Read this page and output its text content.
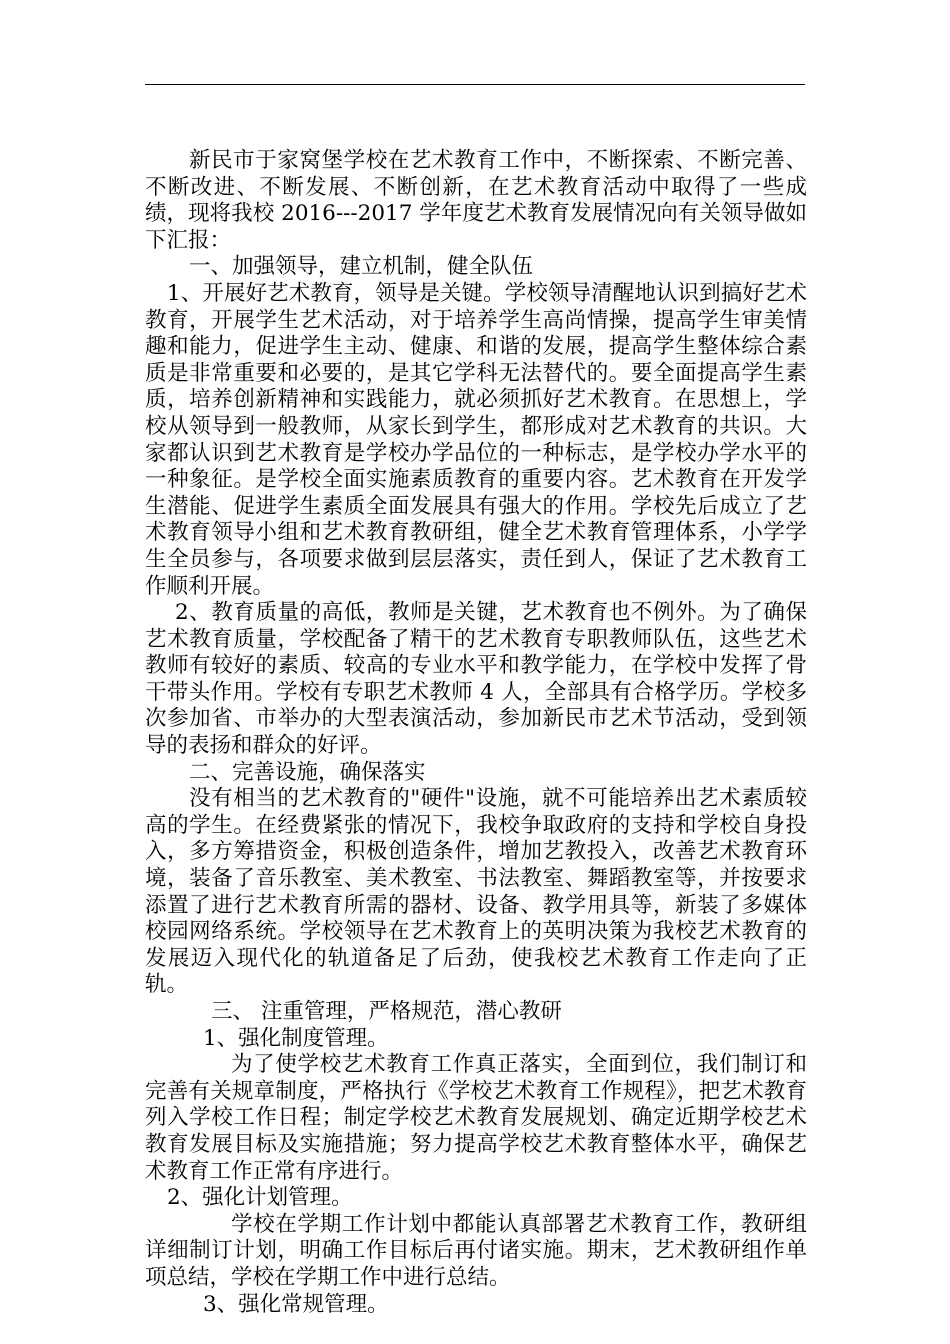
新民市于家窝堡学校在艺术教育工作中，不断探索、不断完善、不断改进、不断发展、不断创新，在艺术教育活动中取得了一些成绩，现将我校 2016---2017 学年度艺术教育发展情况向有关领导做如下汇报：

一、加强领导，建立机制，健全队伍

1、开展好艺术教育，领导是关键。学校领导清醒地认识到搞好艺术教育，开展学生艺术活动，对于培养学生高尚情操，提高学生审美情趣和能力，促进学生主动、健康、和谐的发展，提高学生整体综合素质是非常重要和必要的，是其它学科无法替代的。要全面提高学生素质，培养创新精神和实践能力，就必须抓好艺术教育。在思想上，学校从领导到一般教师，从家长到学生，都形成对艺术教育的共识。大家都认识到艺术教育是学校办学品位的一种标志，是学校办学水平的一种象征。是学校全面实施素质教育的重要内容。艺术教育在开发学生潜能、促进学生素质全面发展具有强大的作用。学校先后成立了艺术教育领导小组和艺术教育教研组，健全艺术教育管理体系，小学学生全员参与，各项要求做到层层落实，责任到人，保证了艺术教育工作顺利开展。

2、教育质量的高低，教师是关键，艺术教育也不例外。为了确保艺术教育质量，学校配备了精干的艺术教育专职教师队伍，这些艺术教师有较好的素质、较高的专业水平和教学能力，在学校中发挥了骨干带头作用。学校有专职艺术教师 4 人，全部具有合格学历。学校多次参加省、市举办的大型表演活动，参加新民市艺术节活动，受到领导的表扬和群众的好评。

二、完善设施，确保落实

没有相当的艺术教育的"硬件"设施，就不可能培养出艺术素质较高的学生。在经费紧张的情况下，我校争取政府的支持和学校自身投入，多方筹措资金，积极创造条件，增加艺教投入，改善艺术教育环境，装备了音乐教室、美术教室、书法教室、舞蹈教室等，并按要求添置了进行艺术教育所需的器材、设备、教学用具等，新装了多媒体校园网络系统。学校领导在艺术教育上的英明决策为我校艺术教育的发展迈入现代化的轨道备足了后劲，使我校艺术教育工作走向了正轨。

三、 注重管理，严格规范，潜心教研

1、强化制度管理。

为了使学校艺术教育工作真正落实，全面到位，我们制订和完善有关规章制度，严格执行《学校艺术教育工作规程》，把艺术教育列入学校工作日程；制定学校艺术教育发展规划、确定近期学校艺术教育发展目标及实施措施；努力提高学校艺术教育整体水平，确保艺术教育工作正常有序进行。

2、强化计划管理。

学校在学期工作计划中都能认真部署艺术教育工作，教研组详细制订计划，明确工作目标后再付诸实施。期末，艺术教研组作单项总结，学校在学期工作中进行总结。

3、强化常规管理。
